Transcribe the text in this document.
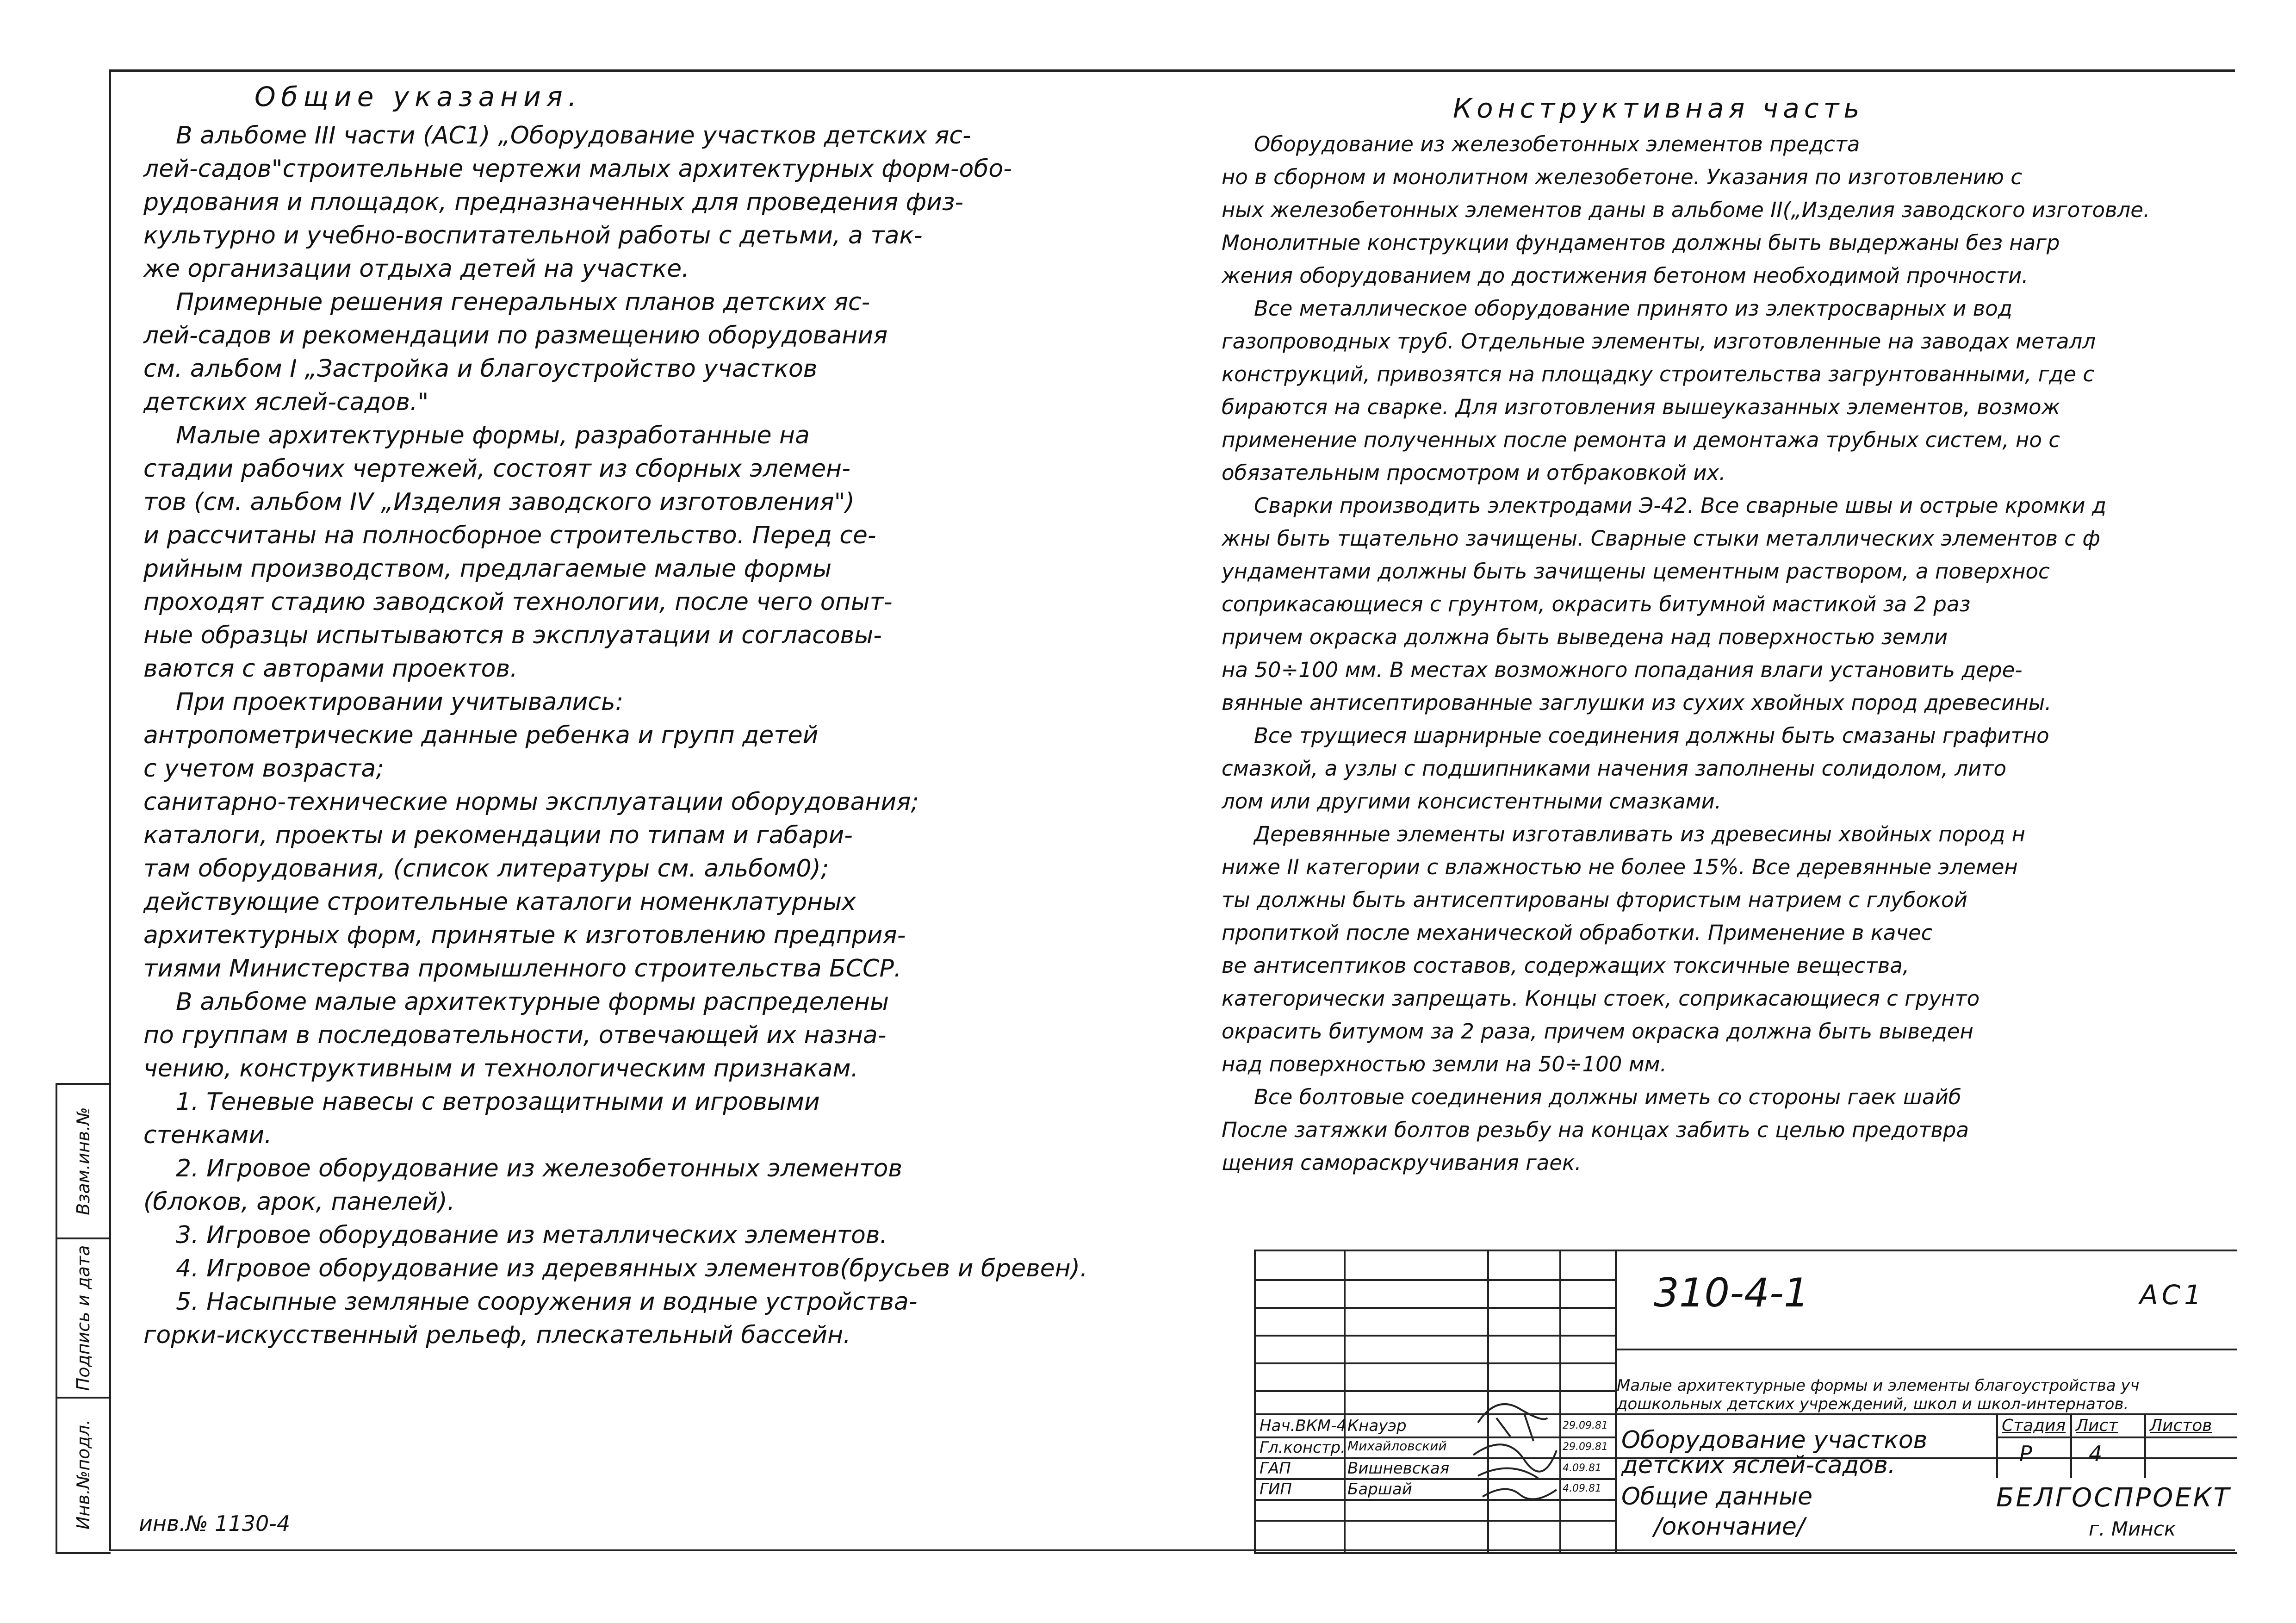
Общие указания.
В альбоме III части (АС1) „Оборудование участков детских яс-
лей-садов"строительные чертежи малых архитектурных форм-обо-
рудования и площадок, предназначенных для проведения физ-
культурно и учебно-воспитательной работы с детьми, а так-
же организации отдыха детей на участке.
Примерные решения генеральных планов детских яс-
лей-садов и рекомендации по размещению оборудования
см. альбом I „Застройка и благоустройство участков
детских яслей-садов."
Малые архитектурные формы, разработанные на
стадии рабочих чертежей, состоят из сборных элемен-
тов (см. альбом IV „Изделия заводского изготовления")
и рассчитаны на полносборное строительство. Перед се-
рийным производством, предлагаемые малые формы
проходят стадию заводской технологии, после чего опыт-
ные образцы испытываются в эксплуатации и согласовы-
ваются с авторами проектов.
При проектировании учитывались:
антропометрические данные ребенка и групп детей
с учетом возраста;
санитарно-технические нормы эксплуатации оборудования;
каталоги, проекты и рекомендации по типам и габари-
там оборудования, (список литературы см. альбом0);
действующие строительные каталоги номенклатурных
архитектурных форм, принятые к изготовлению предприя-
тиями Министерства промышленного строительства БССР.
В альбоме малые архитектурные формы распределены
по группам в последовательности, отвечающей их назна-
чению, конструктивным и технологическим признакам.
1. Теневые навесы с ветрозащитными и игровыми
стенками.
2. Игровое оборудование из железобетонных элементов
(блоков, арок, панелей).
3. Игровое оборудование из металлических элементов.
4. Игровое оборудование из деревянных элементов(брусьев и бревен).
5. Насыпные земляные сооружения и водные устройства-
горки-искусственный рельеф, плескательный бассейн.
Конструктивная часть
Оборудование из железобетонных элементов предста
но в сборном и монолитном железобетоне. Указания по изготовлению с
ных железобетонных элементов даны в альбоме II(„Изделия заводского изготовле.
Монолитные конструкции фундаментов должны быть выдержаны без нагр
жения оборудованием до достижения бетоном необходимой прочности.
Все металлическое оборудование принято из электросварных и вод
газопроводных труб. Отдельные элементы, изготовленные на заводах металл
конструкций, привозятся на площадку строительства загрунтованными, где с
бираются на сварке. Для изготовления вышеуказанных элементов, возмож
применение полученных после ремонта и демонтажа трубных систем, но с
обязательным просмотром и отбраковкой их.
Сварки производить электродами Э-42. Все сварные швы и острые кромки д
жны быть тщательно зачищены. Сварные стыки металлических элементов с ф
ундаментами должны быть зачищены цементным раствором, а поверхнос
соприкасающиеся с грунтом, окрасить битумной мастикой за 2 раз
причем окраска должна быть выведена над поверхностью земли
на 50÷100 мм. В местах возможного попадания влаги установить дере-
вянные антисептированные заглушки из сухих хвойных пород древесины.
Все трущиеся шарнирные соединения должны быть смазаны графитно
смазкой, а узлы с подшипниками начения заполнены солидолом, лито
лом или другими консистентными смазками.
Деревянные элементы изготавливать из древесины хвойных пород н
ниже II категории с влажностью не более 15%. Все деревянные элемен
ты должны быть антисептированы фтористым натрием с глубокой
пропиткой после механической обработки. Применение в качес
ве антисептиков составов, содержащих токсичные вещества,
категорически запрещать. Концы стоек, соприкасающиеся с грунто
окрасить битумом за 2 раза, причем окраска должна быть выведен
над поверхностью земли на 50÷100 мм.
Все болтовые соединения должны иметь со стороны гаек шайб
После затяжки болтов резьбу на концах забить с целью предотвра
щения самораскручивания гаек.
Взам.инв.№
Подпись и дата
Инв.№подл. инв.№ 1130-4
310-4-1	АС1
Малые архитектурные формы и элементы благоустройства уч
дошкольных детских учреждений, школ и школ-интернатов.
Оборудование участков
детских яслей-садов.
Общие данные
/окончание/
Стадия Лист Листов
Р	4
Нач.ВКМ-4 Кнауэр	29.09.81
Гл.констр. Михайловский	29.09.81
ГАП	Вишневская	4.09.81
ГИП	Баршай	4.09.81	БЕЛГОСПРОЕКТ
г. Минск
